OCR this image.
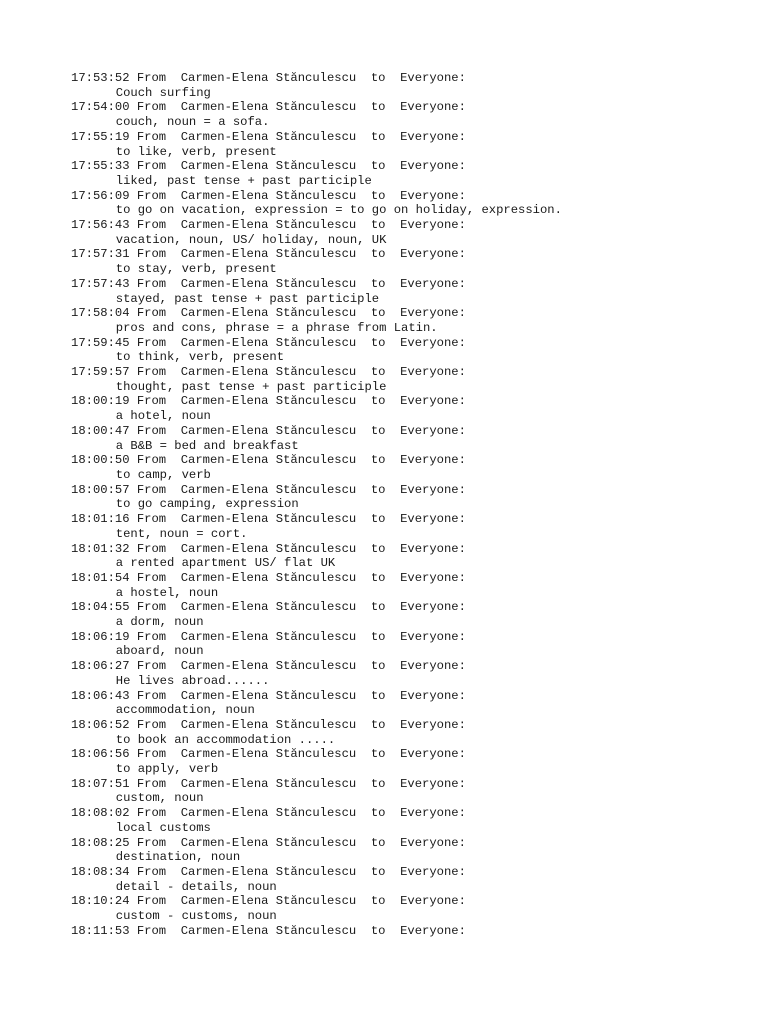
17:53:52 From  Carmen-Elena Stănculescu  to  Everyone:
Couch surfing
17:54:00 From  Carmen-Elena Stănculescu  to  Everyone:
couch, noun = a sofa.
17:55:19 From  Carmen-Elena Stănculescu  to  Everyone:
to like, verb, present
17:55:33 From  Carmen-Elena Stănculescu  to  Everyone:
liked, past tense + past participle
17:56:09 From  Carmen-Elena Stănculescu  to  Everyone:
to go on vacation, expression = to go on holiday, expression.
17:56:43 From  Carmen-Elena Stănculescu  to  Everyone:
vacation, noun, US/ holiday, noun, UK
17:57:31 From  Carmen-Elena Stănculescu  to  Everyone:
to stay, verb, present
17:57:43 From  Carmen-Elena Stănculescu  to  Everyone:
stayed, past tense + past participle
17:58:04 From  Carmen-Elena Stănculescu  to  Everyone:
pros and cons, phrase = a phrase from Latin.
17:59:45 From  Carmen-Elena Stănculescu  to  Everyone:
to think, verb, present
17:59:57 From  Carmen-Elena Stănculescu  to  Everyone:
thought, past tense + past participle
18:00:19 From  Carmen-Elena Stănculescu  to  Everyone:
a hotel, noun
18:00:47 From  Carmen-Elena Stănculescu  to  Everyone:
a B&B = bed and breakfast
18:00:50 From  Carmen-Elena Stănculescu  to  Everyone:
to camp, verb
18:00:57 From  Carmen-Elena Stănculescu  to  Everyone:
to go camping, expression
18:01:16 From  Carmen-Elena Stănculescu  to  Everyone:
tent, noun = cort.
18:01:32 From  Carmen-Elena Stănculescu  to  Everyone:
a rented apartment US/ flat UK
18:01:54 From  Carmen-Elena Stănculescu  to  Everyone:
a hostel, noun
18:04:55 From  Carmen-Elena Stănculescu  to  Everyone:
a dorm, noun
18:06:19 From  Carmen-Elena Stănculescu  to  Everyone:
aboard, noun
18:06:27 From  Carmen-Elena Stănculescu  to  Everyone:
He lives abroad......
18:06:43 From  Carmen-Elena Stănculescu  to  Everyone:
accommodation, noun
18:06:52 From  Carmen-Elena Stănculescu  to  Everyone:
to book an accommodation .....
18:06:56 From  Carmen-Elena Stănculescu  to  Everyone:
to apply, verb
18:07:51 From  Carmen-Elena Stănculescu  to  Everyone:
custom, noun
18:08:02 From  Carmen-Elena Stănculescu  to  Everyone:
local customs
18:08:25 From  Carmen-Elena Stănculescu  to  Everyone:
destination, noun
18:08:34 From  Carmen-Elena Stănculescu  to  Everyone:
detail - details, noun
18:10:24 From  Carmen-Elena Stănculescu  to  Everyone:
custom - customs, noun
18:11:53 From  Carmen-Elena Stănculescu  to  Everyone:
